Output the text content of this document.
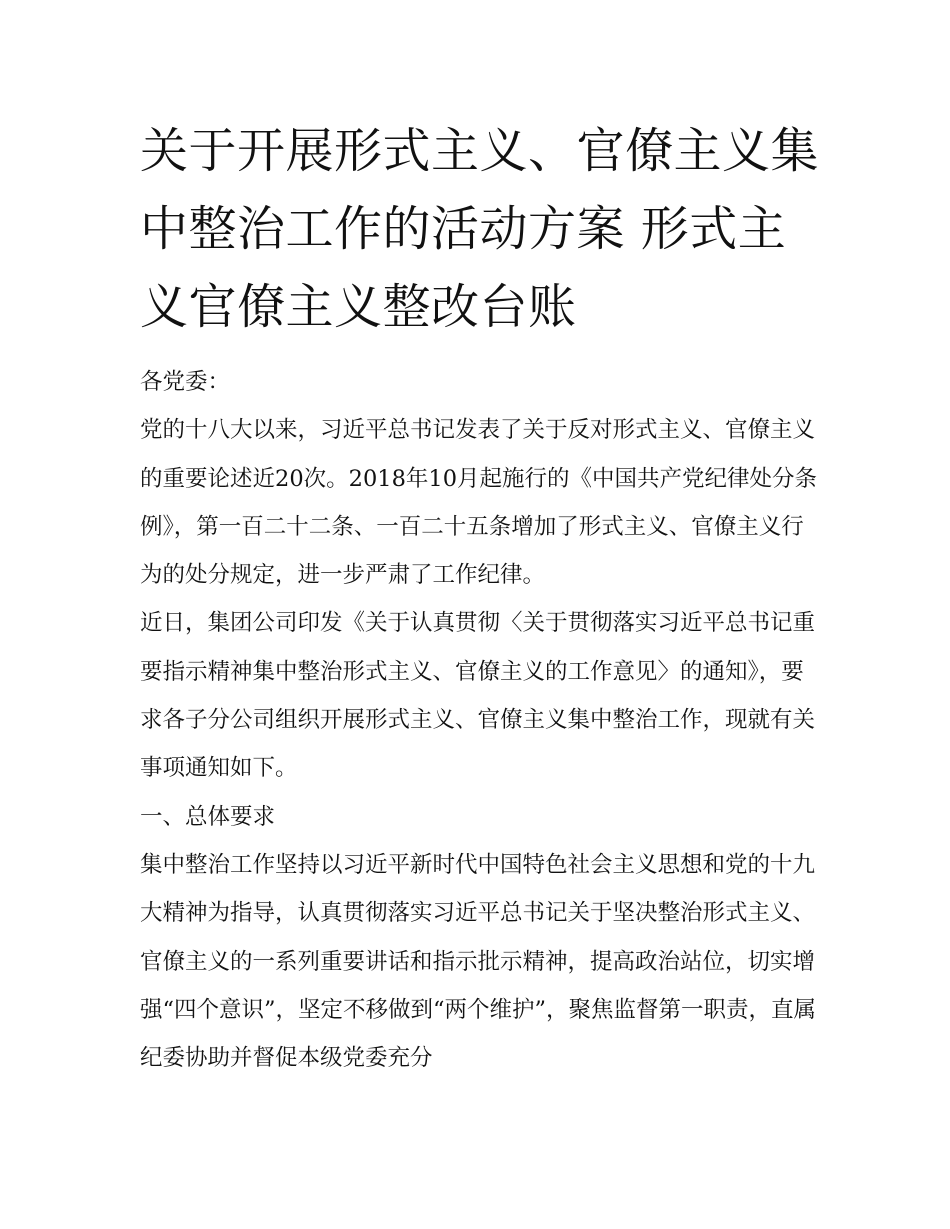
关于开展形式主义、官僚主义集中整治工作的活动方案 形式主义官僚主义整改台账

各党委：

党的十八大以来，习近平总书记发表了关于反对形式主义、官僚主义的重要论述近20次。2018年10月起施行的《中国共产党纪律处分条例》，第一百二十二条、一百二十五条增加了形式主义、官僚主义行为的处分规定，进一步严肃了工作纪律。

近日，集团公司印发《关于认真贯彻〈关于贯彻落实习近平总书记重要指示精神集中整治形式主义、官僚主义的工作意见〉的通知》，要求各子分公司组织开展形式主义、官僚主义集中整治工作，现就有关事项通知如下。

一、总体要求

集中整治工作坚持以习近平新时代中国特色社会主义思想和党的十九大精神为指导，认真贯彻落实习近平总书记关于坚决整治形式主义、官僚主义的一系列重要讲话和指示批示精神，提高政治站位，切实增强“四个意识”，坚定不移做到“两个维护”，聚焦监督第一职责，直属纪委协助并督促本级党委充分
